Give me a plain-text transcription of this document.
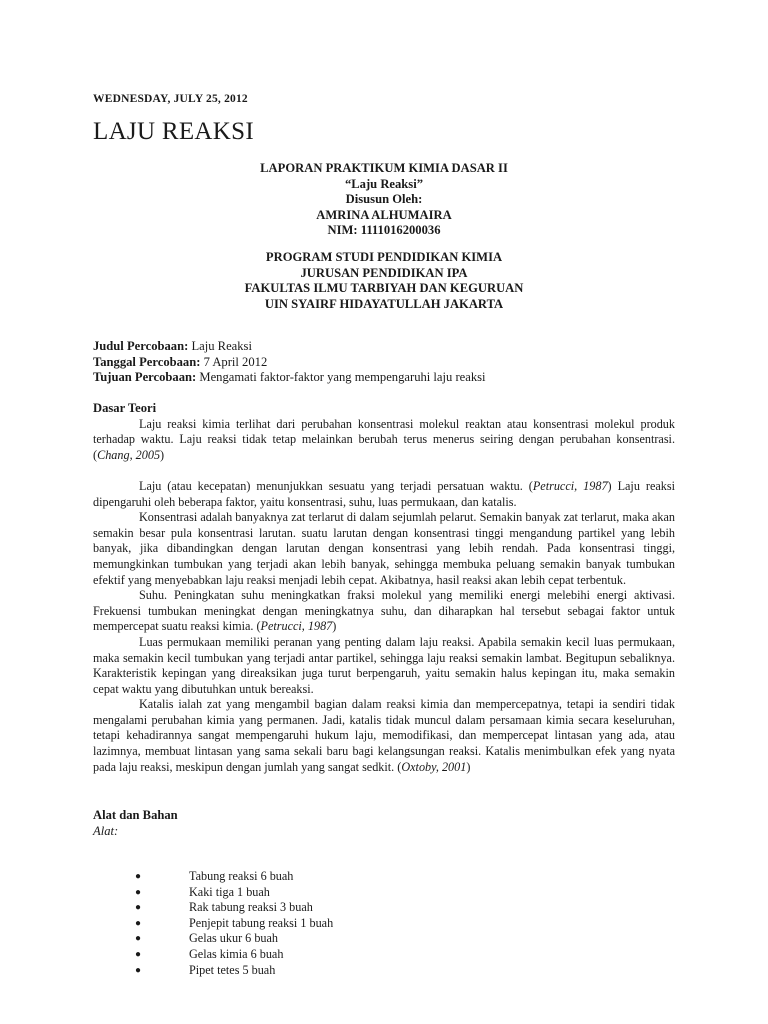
WEDNESDAY, JULY 25, 2012
LAJU REAKSI
LAPORAN PRAKTIKUM KIMIA DASAR II
“Laju Reaksi”
Disusun Oleh:
AMRINA ALHUMAIRA
NIM: 1111016200036
PROGRAM STUDI PENDIDIKAN KIMIA
JURUSAN PENDIDIKAN IPA
FAKULTAS ILMU TARBIYAH DAN KEGURUAN
UIN SYAIRF HIDAYATULLAH JAKARTA
Judul Percobaan: Laju Reaksi
Tanggal Percobaan: 7 April 2012
Tujuan Percobaan: Mengamati faktor-faktor yang mempengaruhi laju reaksi
Dasar Teori

Laju reaksi kimia terlihat dari perubahan konsentrasi molekul reaktan atau konsentrasi molekul produk terhadap waktu. Laju reaksi tidak tetap melainkan berubah terus menerus seiring dengan perubahan konsentrasi. (Chang, 2005)

Laju (atau kecepatan) menunjukkan sesuatu yang terjadi persatuan waktu. (Petrucci, 1987) Laju reaksi dipengaruhi oleh beberapa faktor, yaitu konsentrasi, suhu, luas permukaan, dan katalis.

Konsentrasi adalah banyaknya zat terlarut di dalam sejumlah pelarut. Semakin banyak zat terlarut, maka akan semakin besar pula konsentrasi larutan. suatu larutan dengan konsentrasi tinggi mengandung partikel yang lebih banyak, jika dibandingkan dengan larutan dengan konsentrasi yang lebih rendah. Pada konsentrasi tinggi, memungkinkan tumbukan yang terjadi akan lebih banyak, sehingga membuka peluang semakin banyak tumbukan efektif yang menyebabkan laju reaksi menjadi lebih cepat. Akibatnya, hasil reaksi akan lebih cepat terbentuk.

Suhu. Peningkatan suhu meningkatkan fraksi molekul yang memiliki energi melebihi energi aktivasi. Frekuensi tumbukan meningkat dengan meningkatnya suhu, dan diharapkan hal tersebut sebagai faktor untuk mempercepat suatu reaksi kimia. (Petrucci, 1987)

Luas permukaan memiliki peranan yang penting dalam laju reaksi. Apabila semakin kecil luas permukaan, maka semakin kecil tumbukan yang terjadi antar partikel, sehingga laju reaksi semakin lambat. Begitupun sebaliknya. Karakteristik kepingan yang direaksikan juga turut berpengaruh, yaitu semakin halus kepingan itu, maka semakin cepat waktu yang dibutuhkan untuk bereaksi.

Katalis ialah zat yang mengambil bagian dalam reaksi kimia dan mempercepatnya, tetapi ia sendiri tidak mengalami perubahan kimia yang permanen. Jadi, katalis tidak muncul dalam persamaan kimia secara keseluruhan, tetapi kehadirannya sangat mempengaruhi hukum laju, memodifikasi, dan mempercepat lintasan yang ada, atau lazimnya, membuat lintasan yang sama sekali baru bagi kelangsungan reaksi. Katalis menimbulkan efek yang nyata pada laju reaksi, meskipun dengan jumlah yang sangat sedkit. (Oxtoby, 2001)

Alat dan Bahan
Alat:
●	Tabung reaksi 6 buah
●	Kaki tiga 1 buah
●	Rak tabung reaksi 3 buah
●	Penjepit tabung reaksi 1 buah
●	Gelas ukur 6 buah
●	Gelas kimia 6 buah
●	Pipet tetes 5 buah
